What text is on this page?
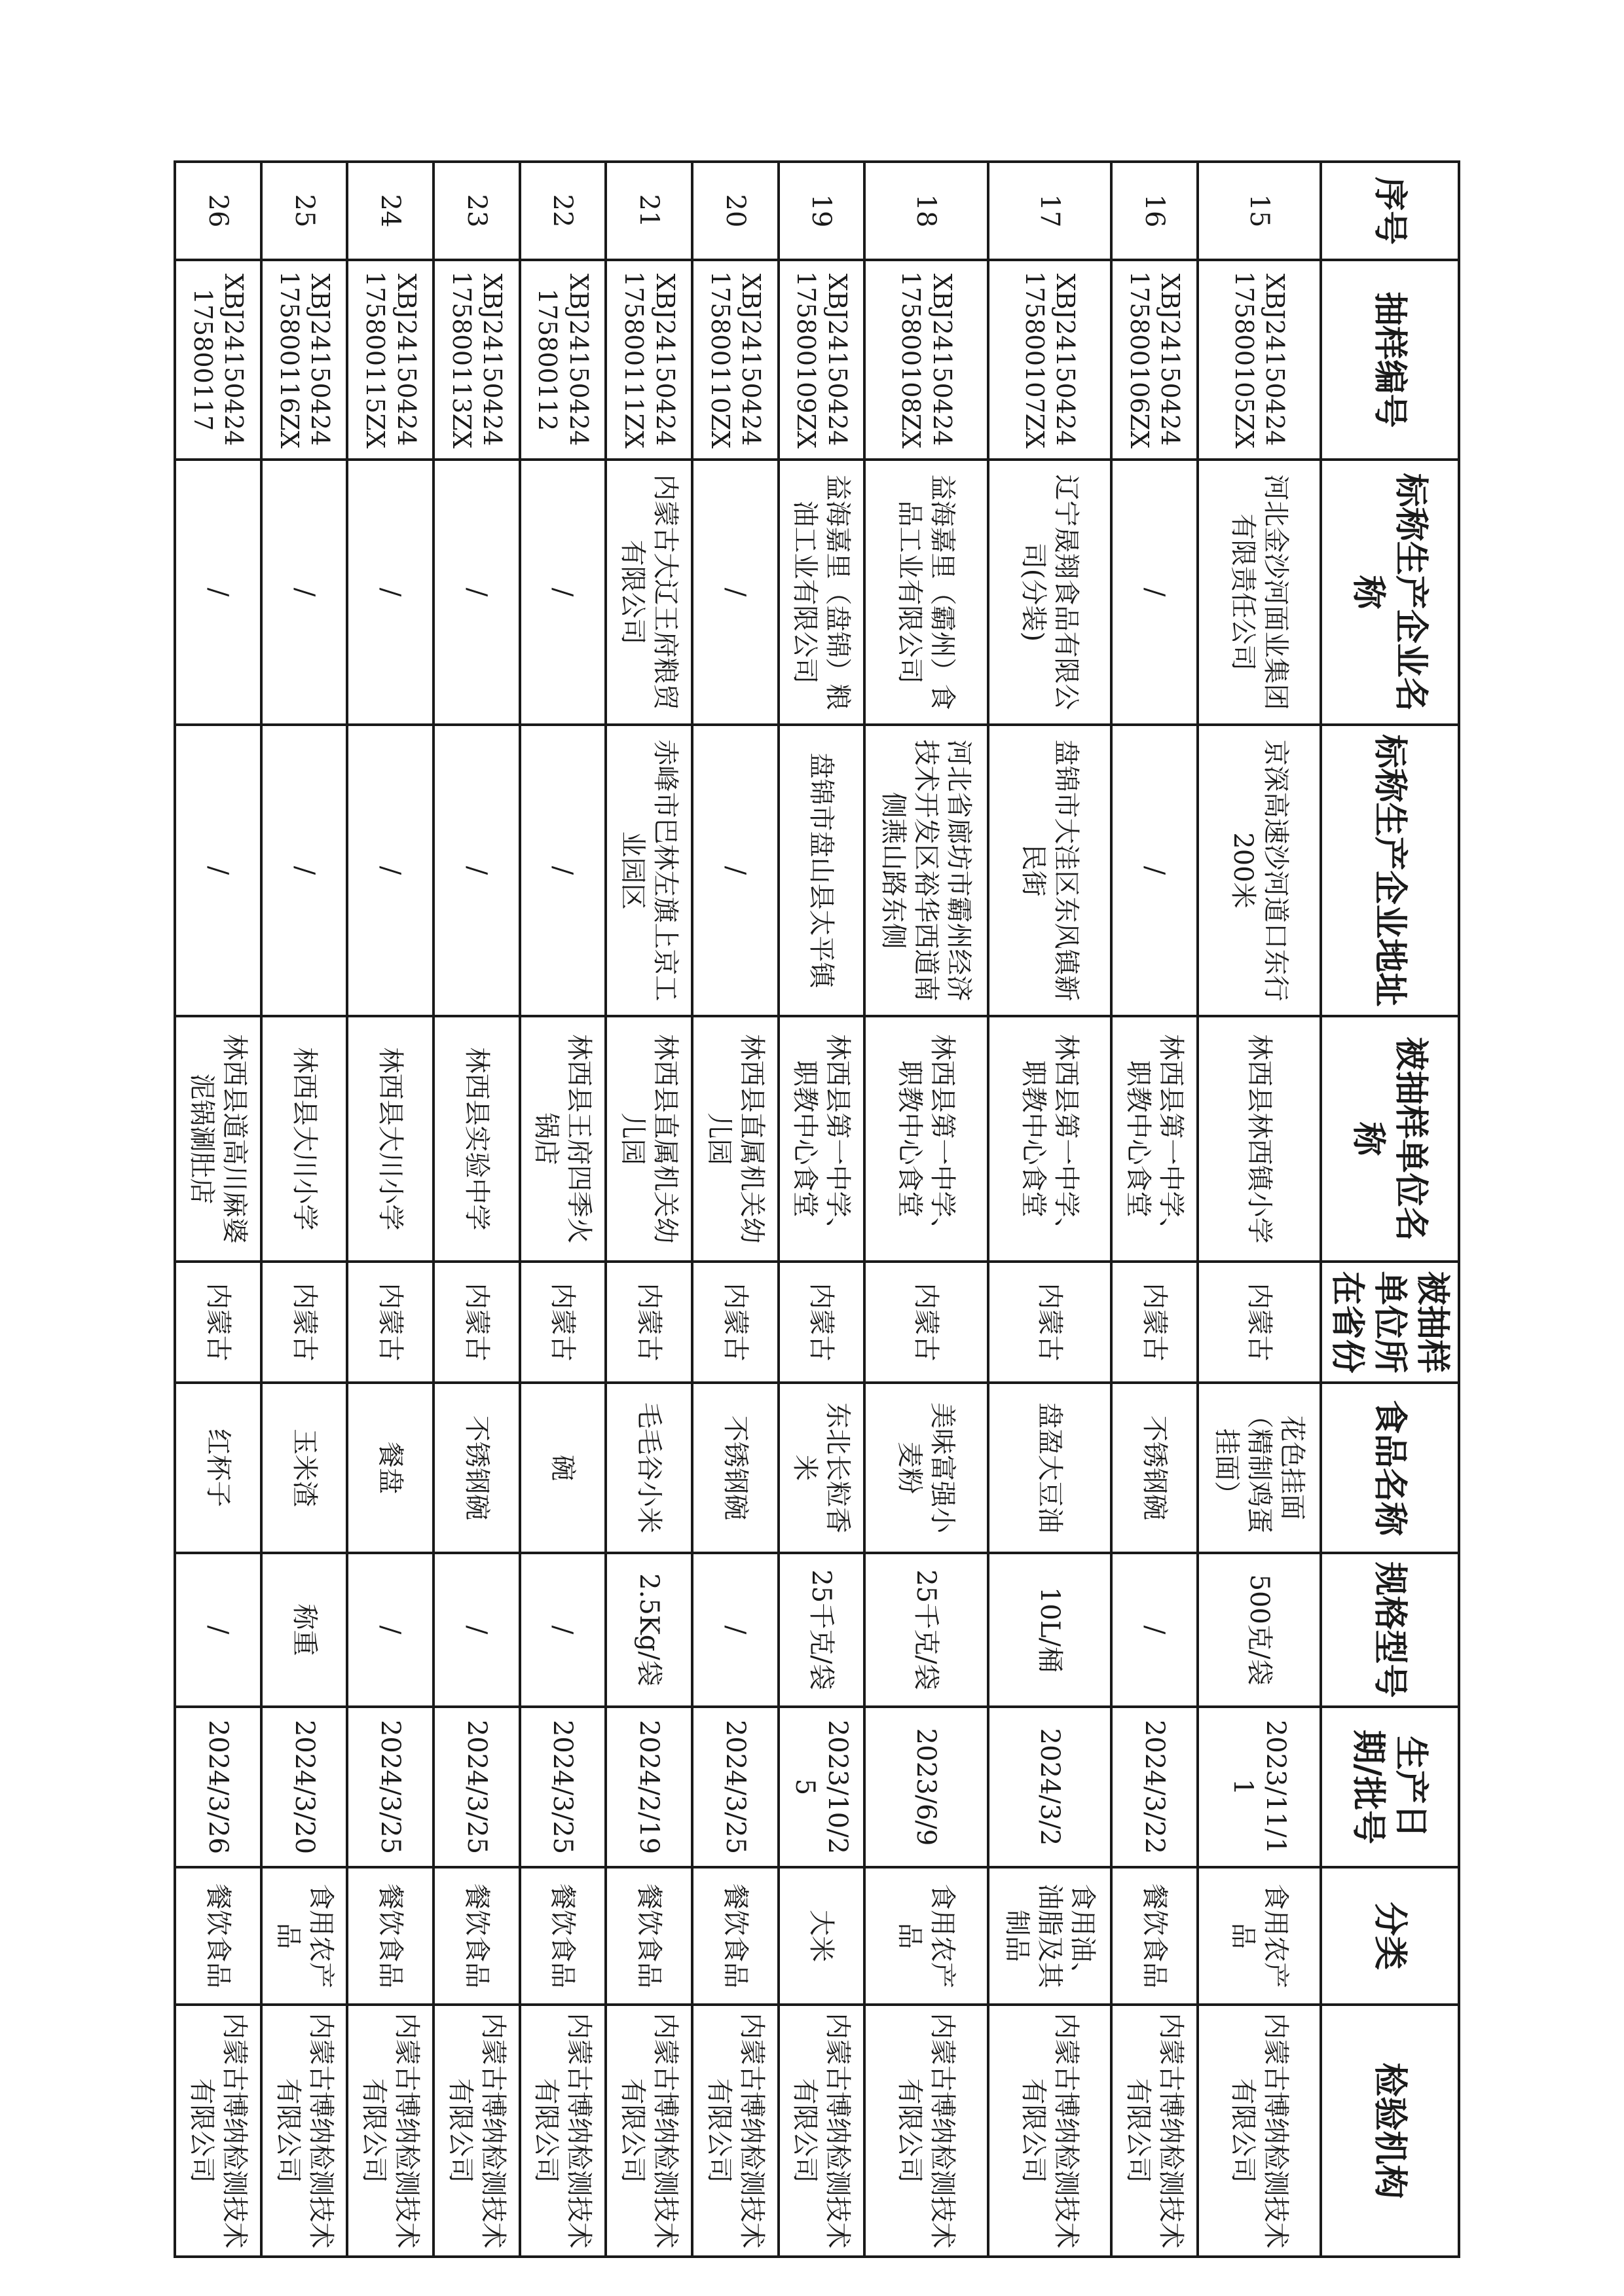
序号	抽样编号	标称生产企业名称	标称生产企业地址	被抽样单位名称	被抽样单位所在省份	食品名称	规格型号	生产日期/批号	分类	检验机构
15	XBJ24150424175800105ZX	河北金沙河面业集团有限责任公司	京深高速沙河道口东行200米	林西县林西镇小学	内蒙古	花色挂面（精制鸡蛋挂面）	500克/袋	2023/11/11	食用农产品	内蒙古博纳检测技术有限公司
16	XBJ24150424175800106ZX	/	/	林西县第一中学、职教中心食堂	内蒙古	不锈钢碗	/	2024/3/22	餐饮食品	内蒙古博纳检测技术有限公司
17	XBJ24150424175800107ZX	辽宁晟翔食品有限公司(分装)	盘锦市大洼区东风镇新民街	林西县第一中学、职教中心食堂	内蒙古	盘盈大豆油	10L/桶	2024/3/2	食用油、油脂及其制品	内蒙古博纳检测技术有限公司
18	XBJ24150424175800108ZX	益海嘉里（霸州）食品工业有限公司	河北省廊坊市霸州经济技术开发区裕华西道南侧燕山路东侧	林西县第一中学、职教中心食堂	内蒙古	美味富强小麦粉	25千克/袋	2023/6/9	食用农产品	内蒙古博纳检测技术有限公司
19	XBJ24150424175800109ZX	益海嘉里（盘锦）粮油工业有限公司	盘锦市盘山县太平镇	林西县第一中学、职教中心食堂	内蒙古	东北长粒香米	25千克/袋	2023/10/25	大米	内蒙古博纳检测技术有限公司
20	XBJ24150424175800110ZX	/	/	林西县直属机关幼儿园	内蒙古	不锈钢碗	/	2024/3/25	餐饮食品	内蒙古博纳检测技术有限公司
21	XBJ24150424175800111ZX	内蒙古大辽王府粮贸有限公司	赤峰市巴林左旗上京工业园区	林西县直属机关幼儿园	内蒙古	毛毛谷小米	2.5Kg/袋	2024/2/19	餐饮食品	内蒙古博纳检测技术有限公司
22	XBJ24150424175800112	/	/	林西县王府四季火锅店	内蒙古	碗	/	2024/3/25	餐饮食品	内蒙古博纳检测技术有限公司
23	XBJ24150424175800113ZX	/	/	林西县实验中学	内蒙古	不锈钢碗	/	2024/3/25	餐饮食品	内蒙古博纳检测技术有限公司
24	XBJ24150424175800115ZX	/	/	林西县大川小学	内蒙古	餐盘	/	2024/3/25	餐饮食品	内蒙古博纳检测技术有限公司
25	XBJ24150424175800116ZX	/	/	林西县大川小学	内蒙古	玉米渣	称重	2024/3/20	食用农产品	内蒙古博纳检测技术有限公司
26	XBJ24150424175800117	/	/	林西县道高川麻婆泥锅涮肚店	内蒙古	红杯子	/	2024/3/26	餐饮食品	内蒙古博纳检测技术有限公司
